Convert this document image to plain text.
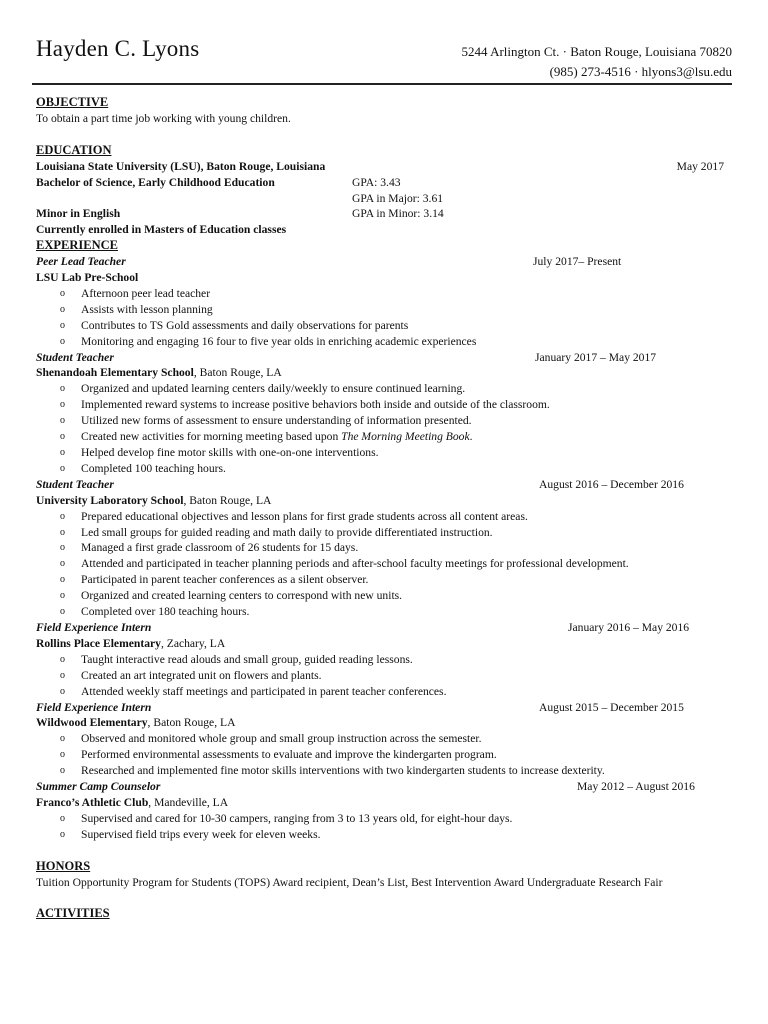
Hayden C. Lyons	5244 Arlington Ct. · Baton Rouge, Louisiana 70820
(985) 273-4516 · hlyons3@lsu.edu
OBJECTIVE
To obtain a part time job working with young children.
EDUCATION
Louisiana State University (LSU), Baton Rouge, Louisiana	May 2017
Bachelor of Science, Early Childhood Education	GPA: 3.43
GPA in Major: 3.61
Minor in English	GPA in Minor: 3.14
Currently enrolled in Masters of Education classes
EXPERIENCE
Peer Lead Teacher	July 2017– Present
LSU Lab Pre-School
o Afternoon peer lead teacher
o Assists with lesson planning
o Contributes to TS Gold assessments and daily observations for parents
o Monitoring and engaging 16 four to five year olds in enriching academic experiences
Student Teacher	January 2017 – May 2017
Shenandoah Elementary School, Baton Rouge, LA
o Organized and updated learning centers daily/weekly to ensure continued learning.
o Implemented reward systems to increase positive behaviors both inside and outside of the classroom.
o Utilized new forms of assessment to ensure understanding of information presented.
o Created new activities for morning meeting based upon The Morning Meeting Book.
o Helped develop fine motor skills with one-on-one interventions.
o Completed 100 teaching hours.
Student Teacher	August 2016 – December 2016
University Laboratory School, Baton Rouge, LA
o Prepared educational objectives and lesson plans for first grade students across all content areas.
o Led small groups for guided reading and math daily to provide differentiated instruction.
o Managed a first grade classroom of 26 students for 15 days.
o Attended and participated in teacher planning periods and after-school faculty meetings for professional development.
o Participated in parent teacher conferences as a silent observer.
o Organized and created learning centers to correspond with new units.
o Completed over 180 teaching hours.
Field Experience Intern	January 2016 – May 2016
Rollins Place Elementary, Zachary, LA
o Taught interactive read alouds and small group, guided reading lessons.
o Created an art integrated unit on flowers and plants.
o Attended weekly staff meetings and participated in parent teacher conferences.
Field Experience Intern	August 2015 – December 2015
Wildwood Elementary, Baton Rouge, LA
o Observed and monitored whole group and small group instruction across the semester.
o Performed environmental assessments to evaluate and improve the kindergarten program.
o Researched and implemented fine motor skills interventions with two kindergarten students to increase dexterity.
Summer Camp Counselor	May 2012 – August 2016
Franco’s Athletic Club, Mandeville, LA
o Supervised and cared for 10-30 campers, ranging from 3 to 13 years old, for eight-hour days.
o Supervised field trips every week for eleven weeks.
HONORS
Tuition Opportunity Program for Students (TOPS) Award recipient, Dean’s List, Best Intervention Award Undergraduate Research Fair
ACTIVITIES
